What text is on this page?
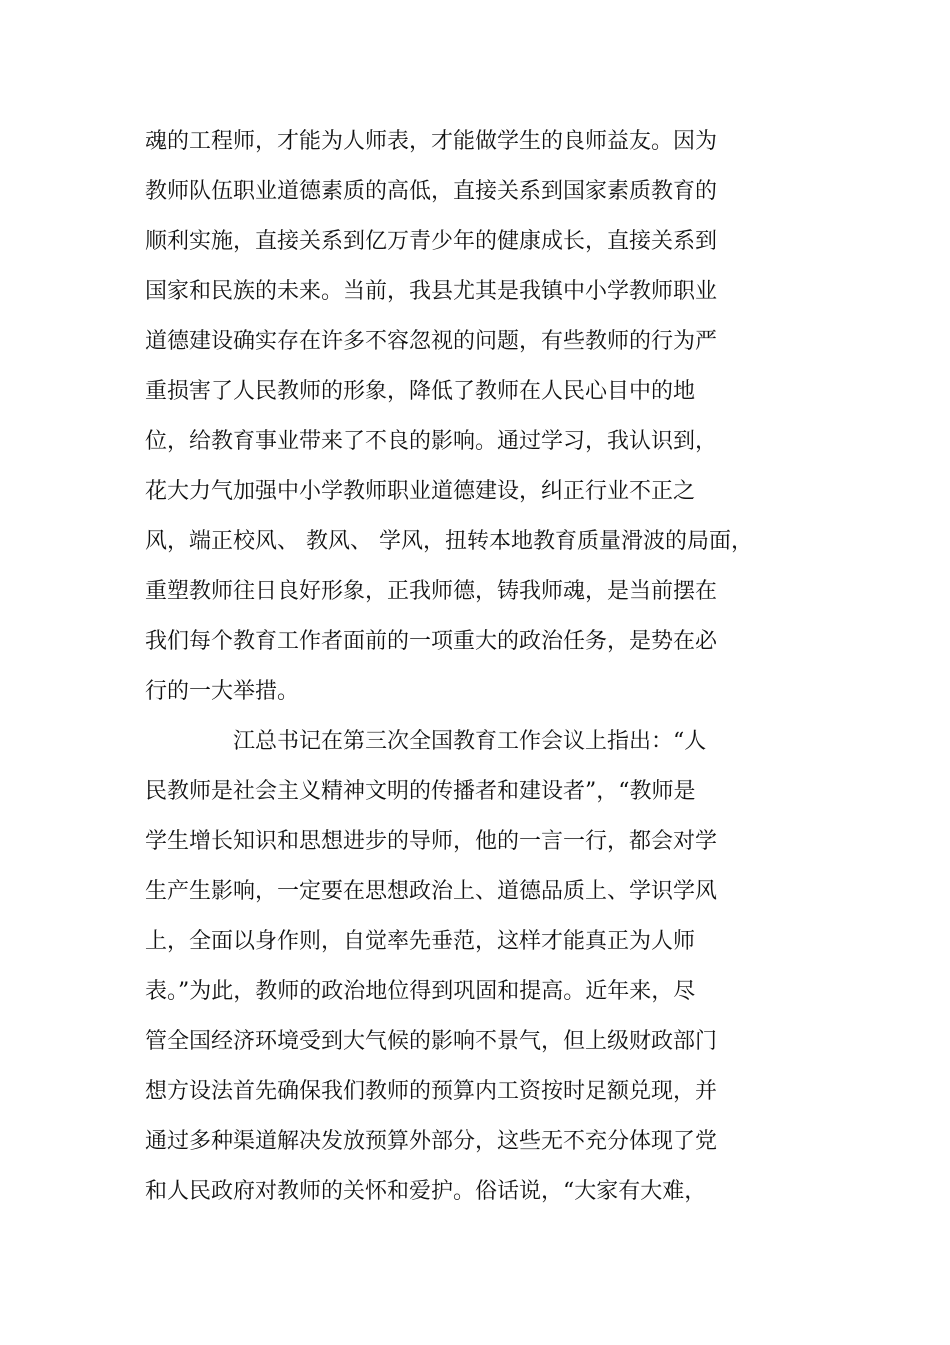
魂的工程师，才能为人师表，才能做学生的良师益友。因为
教师队伍职业道德素质的高低，直接关系到国家素质教育的
顺利实施，直接关系到亿万青少年的健康成长，直接关系到
国家和民族的未来。当前，我县尤其是我镇中小学教师职业
道德建设确实存在许多不容忽视的问题，有些教师的行为严
重损害了人民教师的形象，降低了教师在人民心目中的地
位，给教育事业带来了不良的影响。通过学习，我认识到，
花大力气加强中小学教师职业道德建设，纠正行业不正之
风，端正校风、 教风、 学风，扭转本地教育质量滑波的局面，
重塑教师往日良好形象，正我师德，铸我师魂，是当前摆在
我们每个教育工作者面前的一项重大的政治任务，是势在必
行的一大举措。
江总书记在第三次全国教育工作会议上指出：“人
民教师是社会主义精神文明的传播者和建设者”，“教师是
学生增长知识和思想进步的导师，他的一言一行，都会对学
生产生影响，一定要在思想政治上、道德品质上、学识学风
上，全面以身作则，自觉率先垂范，这样才能真正为人师
表。”为此，教师的政治地位得到巩固和提高。近年来，尽
管全国经济环境受到大气候的影响不景气，但上级财政部门
想方设法首先确保我们教师的预算内工资按时足额兑现，并
通过多种渠道解决发放预算外部分，这些无不充分体现了党
和人民政府对教师的关怀和爱护。俗话说，“大家有大难，
